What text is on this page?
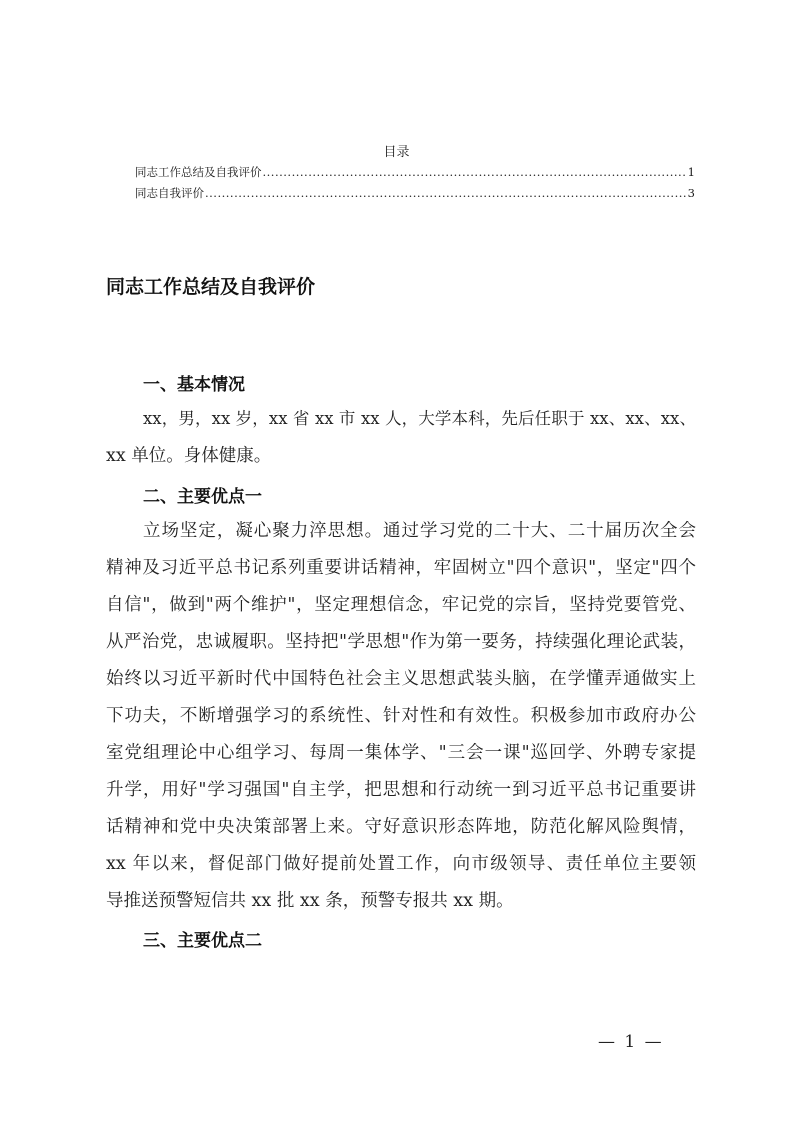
目录
同志工作总结及自我评价 .....	1
同志自我评价 .....	3
同志工作总结及自我评价
一、基本情况
xx，男，xx 岁，xx 省 xx 市 xx 人，大学本科，先后任职于 xx、xx、xx、
xx 单位。身体健康。
二、主要优点一
立场坚定，凝心聚力淬思想。通过学习党的二十大、二十届历次全会
精神及习近平总书记系列重要讲话精神，牢固树立"四个意识"，坚定"四个
自信"，做到"两个维护"，坚定理想信念，牢记党的宗旨，坚持党要管党、
从严治党，忠诚履职。坚持把"学思想"作为第一要务，持续强化理论武装，
始终以习近平新时代中国特色社会主义思想武装头脑，在学懂弄通做实上
下功夫，不断增强学习的系统性、针对性和有效性。积极参加市政府办公
室党组理论中心组学习、每周一集体学、"三会一课"巡回学、外聘专家提
升学，用好"学习强国"自主学，把思想和行动统一到习近平总书记重要讲
话精神和党中央决策部署上来。守好意识形态阵地，防范化解风险舆情，
xx 年以来，督促部门做好提前处置工作，向市级领导、责任单位主要领
导推送预警短信共 xx 批 xx 条，预警专报共 xx 期。
三、主要优点二
— 1 —
